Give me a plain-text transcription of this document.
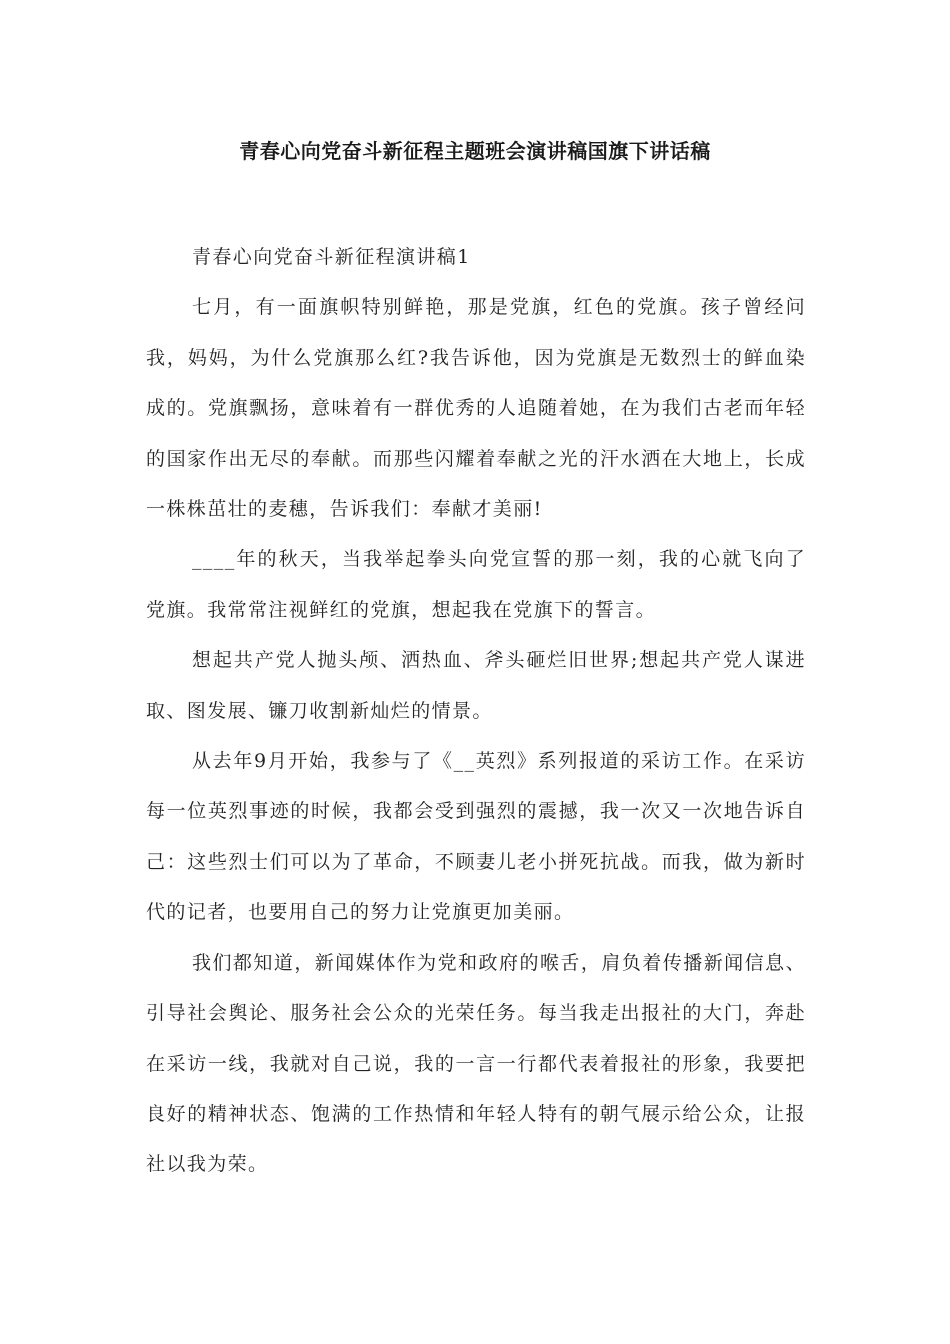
青春心向党奋斗新征程主题班会演讲稿国旗下讲话稿

青春心向党奋斗新征程演讲稿1

七月，有一面旗帜特别鲜艳，那是党旗，红色的党旗。孩子曾经问我，妈妈，为什么党旗那么红?我告诉他，因为党旗是无数烈士的鲜血染成的。党旗飘扬，意味着有一群优秀的人追随着她，在为我们古老而年轻的国家作出无尽的奉献。而那些闪耀着奉献之光的汗水洒在大地上，长成一株株茁壮的麦穗，告诉我们：奉献才美丽!

____年的秋天，当我举起拳头向党宣誓的那一刻，我的心就飞向了党旗。我常常注视鲜红的党旗，想起我在党旗下的誓言。

想起共产党人抛头颅、洒热血、斧头砸烂旧世界;想起共产党人谋进取、图发展、镰刀收割新灿烂的情景。

从去年9月开始，我参与了《__英烈》系列报道的采访工作。在采访每一位英烈事迹的时候，我都会受到强烈的震撼，我一次又一次地告诉自己：这些烈士们可以为了革命，不顾妻儿老小拼死抗战。而我，做为新时代的记者，也要用自己的努力让党旗更加美丽。

我们都知道，新闻媒体作为党和政府的喉舌，肩负着传播新闻信息、引导社会舆论、服务社会公众的光荣任务。每当我走出报社的大门，奔赴在采访一线，我就对自己说，我的一言一行都代表着报社的形象，我要把良好的精神状态、饱满的工作热情和年轻人特有的朝气展示给公众，让报社以我为荣。
